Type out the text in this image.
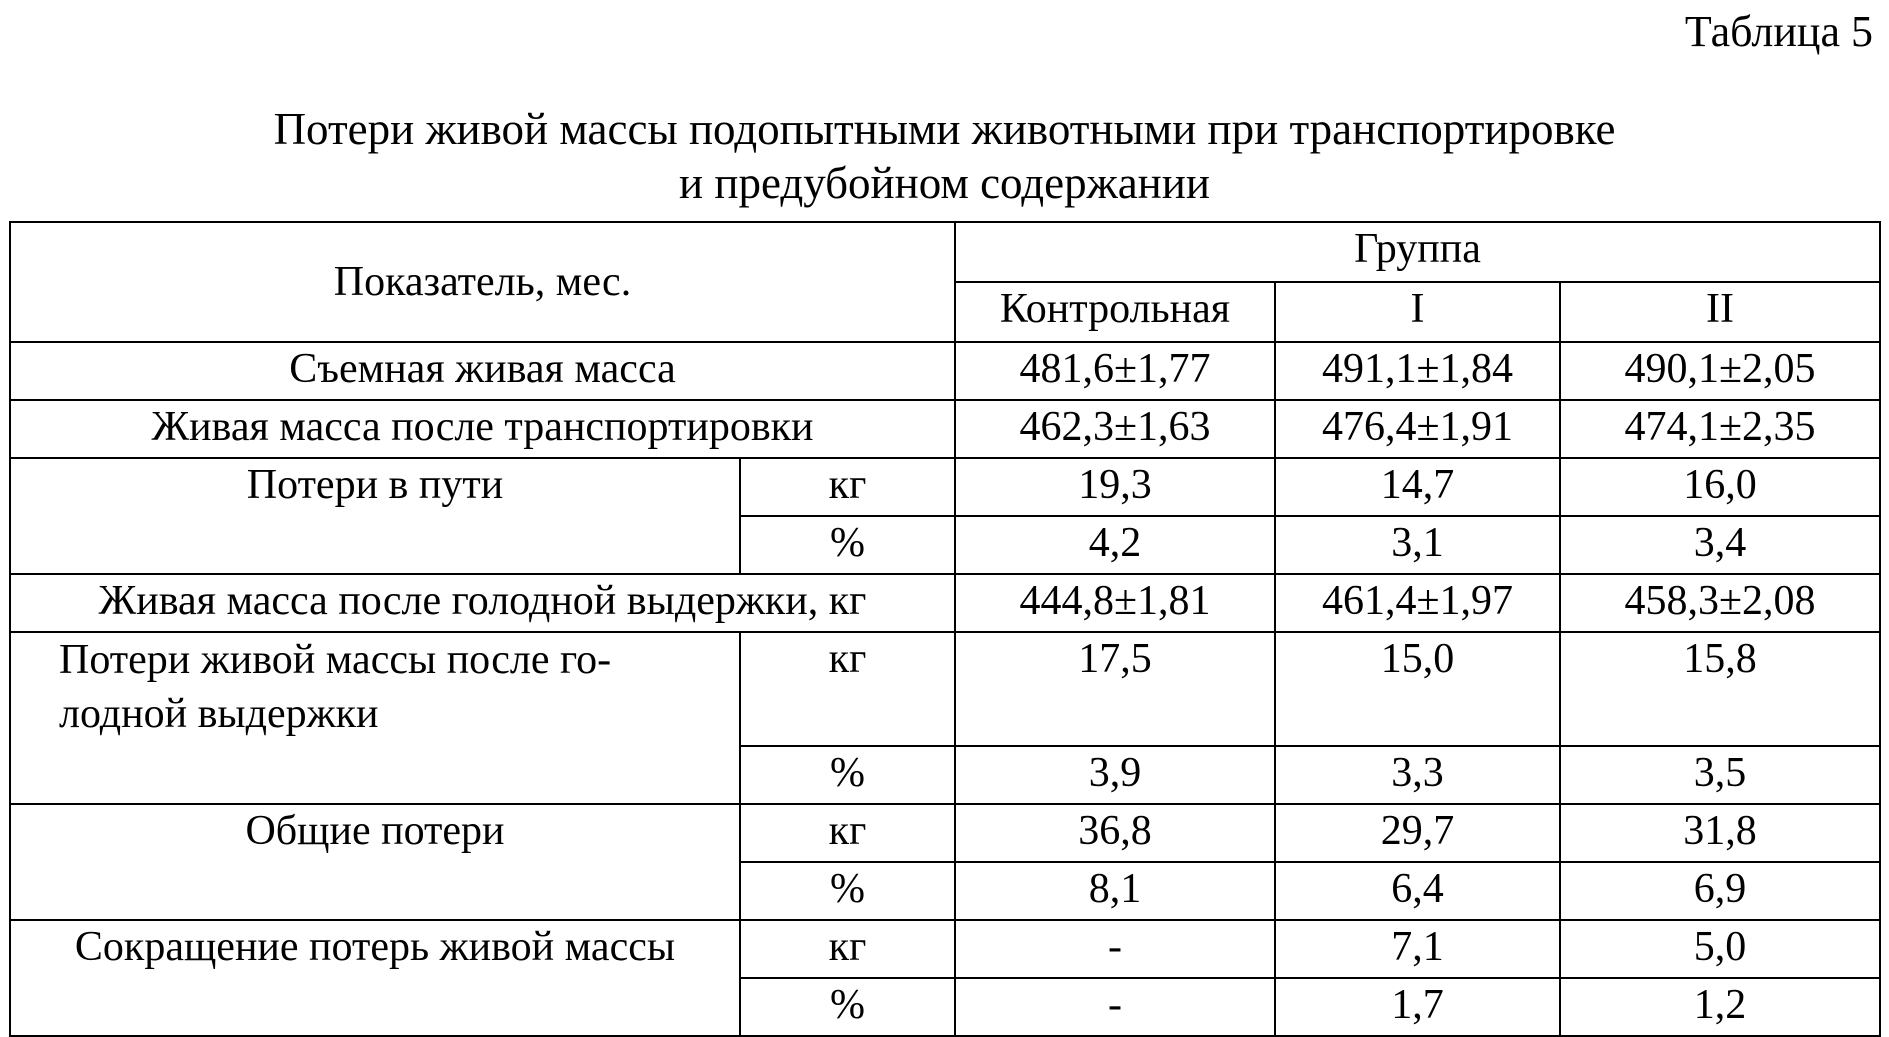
Таблица 5
Потери живой массы подопытными животными при транспортировке
и предубойном содержании
Показатель, мес.		Группа		
		Контрольная	I	II
Съемная живая масса		481,6±1,77	491,1±1,84	490,1±2,05
Живая масса после транспортировки		462,3±1,63	476,4±1,91	474,1±2,35
Потери в пути	кг	19,3	14,7	16,0
	%	4,2	3,1	3,4
Живая масса после голодной выдержки, кг		444,8±1,81	461,4±1,97	458,3±2,08
Потери живой массы после го-лодной выдержки	кг	17,5	15,0	15,8
	%	3,9	3,3	3,5
Общие потери	кг	36,8	29,7	31,8
	%	8,1	6,4	6,9
Сокращение потерь живой массы	кг	-	7,1	5,0
	%	-	1,7	1,2
